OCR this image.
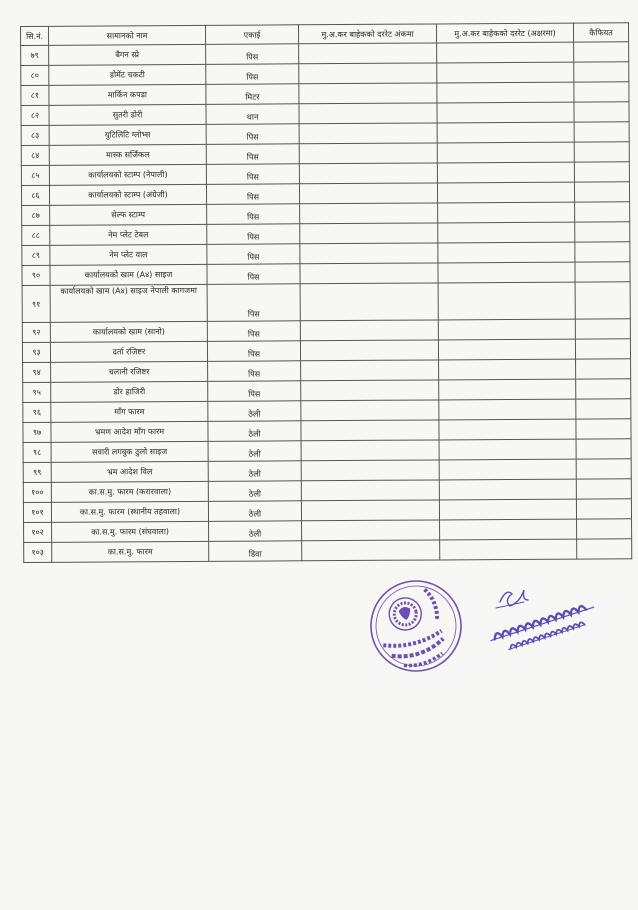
सि.नं.	सामानको नाम	एकाई	मु.अ.कर बाहेकको दररेट अंकमा	मु.अ.कर बाहेकको दररेट (अक्षरमा)	कैफियत
७९	बैगन स्प्रे	पिस			
८०	डोमेंट चकटी	पिस			
८१	मार्किन कपडा	मिटर			
८२	सुतरी डोरी	थान			
८३	युटिलिटि ग्लोभ्स	पिस			
८४	मास्क सर्जिकल	पिस			
८५	कार्यालयको स्टाम्प (नेपाली)	पिस			
८६	कार्यालयको स्टाम्प (अंग्रेजी)	पिस			
८७	सेल्फ स्टाम्प	पिस			
८८	नेम प्लेट टेबल	पिस			
८९	नेम प्लेट वाल	पिस			
९०	कार्यालयको खाम (A४) साइज	पिस			
९१	कार्यालयको खाम (A४) साइज नेपाली कागजमा	पिस			
९२	कार्यालयको खाम (सानो)	पिस			
९३	दर्ता रजिष्टर	पिस			
९४	चलानी रजिष्टर	पिस			
९५	डोर हाजिरी	पिस			
९६	माँग फारम	ठेली			
९७	भ्रमण आदेश माँग फारम	ठेली			
९८	सवारी लगबुक ठुलो साइज	ठेली			
९९	भ्रम आदेश विल	ठेली			
१००	का.स.मु. फारम (करारवाला)	ठेली			
१०१	का.स.मु. फारम (स्थानीय तहवाला)	ठेली			
१०२	का.स.मु. फारम (संघवाला)	ठेली			
१०३	का.स.मु. फारम	डिवा			
